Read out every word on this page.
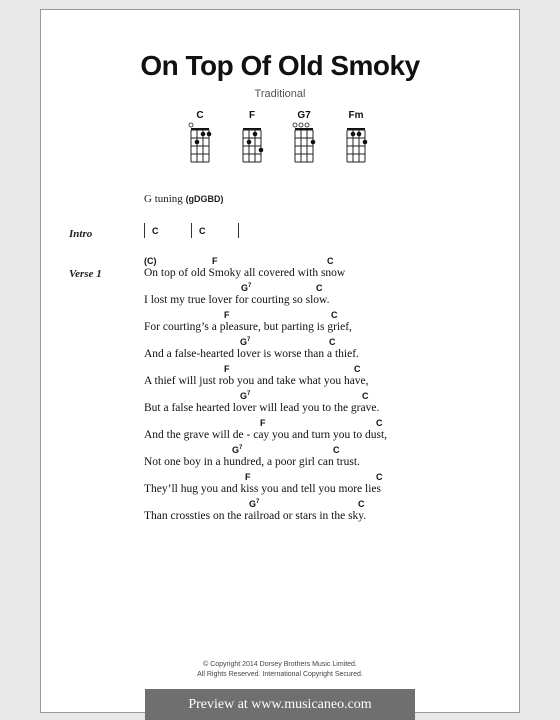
On Top Of Old Smoky
Traditional
C	F	G7	Fm
G tuning (gDGBD)
Intro	C	C
Verse 1
(C)	F	C
On top of old Smoky all covered with snow
$G^7$	C
I lost my true lover for courting so slow.
F	C
For courting’s a pleasure, but parting is grief,
$G^7$	C
And a false-hearted lover is worse than a thief.
F	C
A thief will just rob you and take what you have,
$G^7$	C
But a false hearted lover will lead you to the grave.
F	C
And the grave will de - cay you and turn you to dust,
$G^7$	C
Not one boy in a hundred, a poor girl can trust.
F	C
They’ll hug you and kiss you and tell you more lies
$G^7$	C
Than crossties on the railroad or stars in the sky.
© Copyright 2014 Dorsey Brothers Music Limited.
All Rights Reserved. International Copyright Secured.
Preview at www.musicaneo.com
